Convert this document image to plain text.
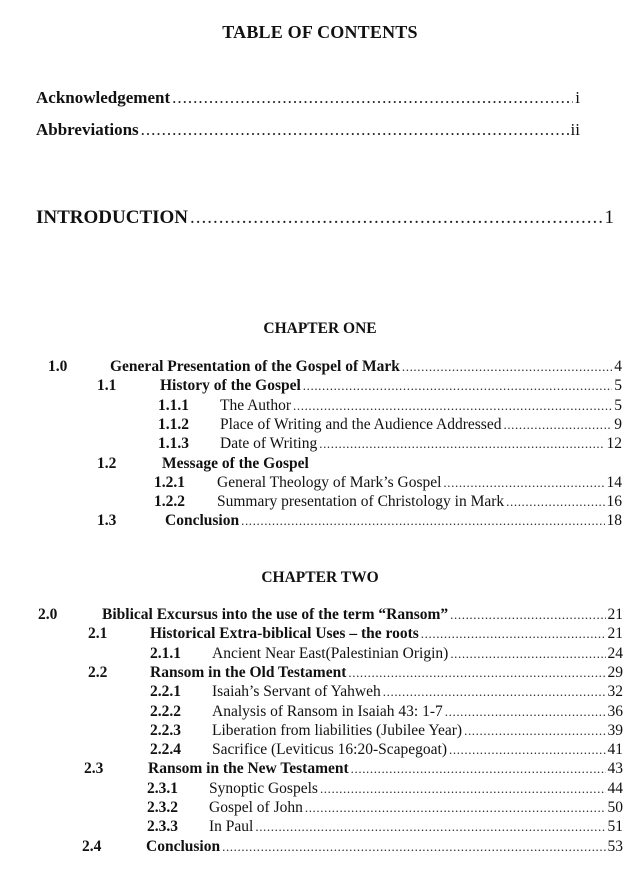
TABLE OF CONTENTS
Acknowledgement .....	i
Abbreviations .....	ii
INTRODUCTION .....	1
CHAPTER ONE
1.0	General Presentation of the Gospel of Mark .....	4
1.1	History of the Gospel .....	5
1.1.1	The Author .....	5
1.1.2	Place of Writing and the Audience Addressed .....	9
1.1.3	Date of Writing .....	12
1.2	Message of the Gospel
1.2.1	General Theology of Mark’s Gospel .....	14
1.2.2	Summary presentation of Christology in Mark .....	16
1.3	Conclusion .....	18
CHAPTER TWO
2.0	Biblical Excursus into the use of the term “Ransom” .....	21
2.1	Historical Extra-biblical Uses – the roots .....	21
2.1.1	Ancient Near East(Palestinian Origin) .....	24
2.2	Ransom in the Old Testament .....	29
2.2.1	Isaiah’s Servant of Yahweh .....	32
2.2.2	Analysis of Ransom in Isaiah 43: 1-7 .....	36
2.2.3	Liberation from liabilities (Jubilee Year) .....	39
2.2.4	Sacrifice (Leviticus 16:20-Scapegoat) .....	41
2.3	Ransom in the New Testament .....	43
2.3.1	Synoptic Gospels .....	44
2.3.2	Gospel of John .....	50
2.3.3	In Paul .....	51
2.4	Conclusion .....	53
